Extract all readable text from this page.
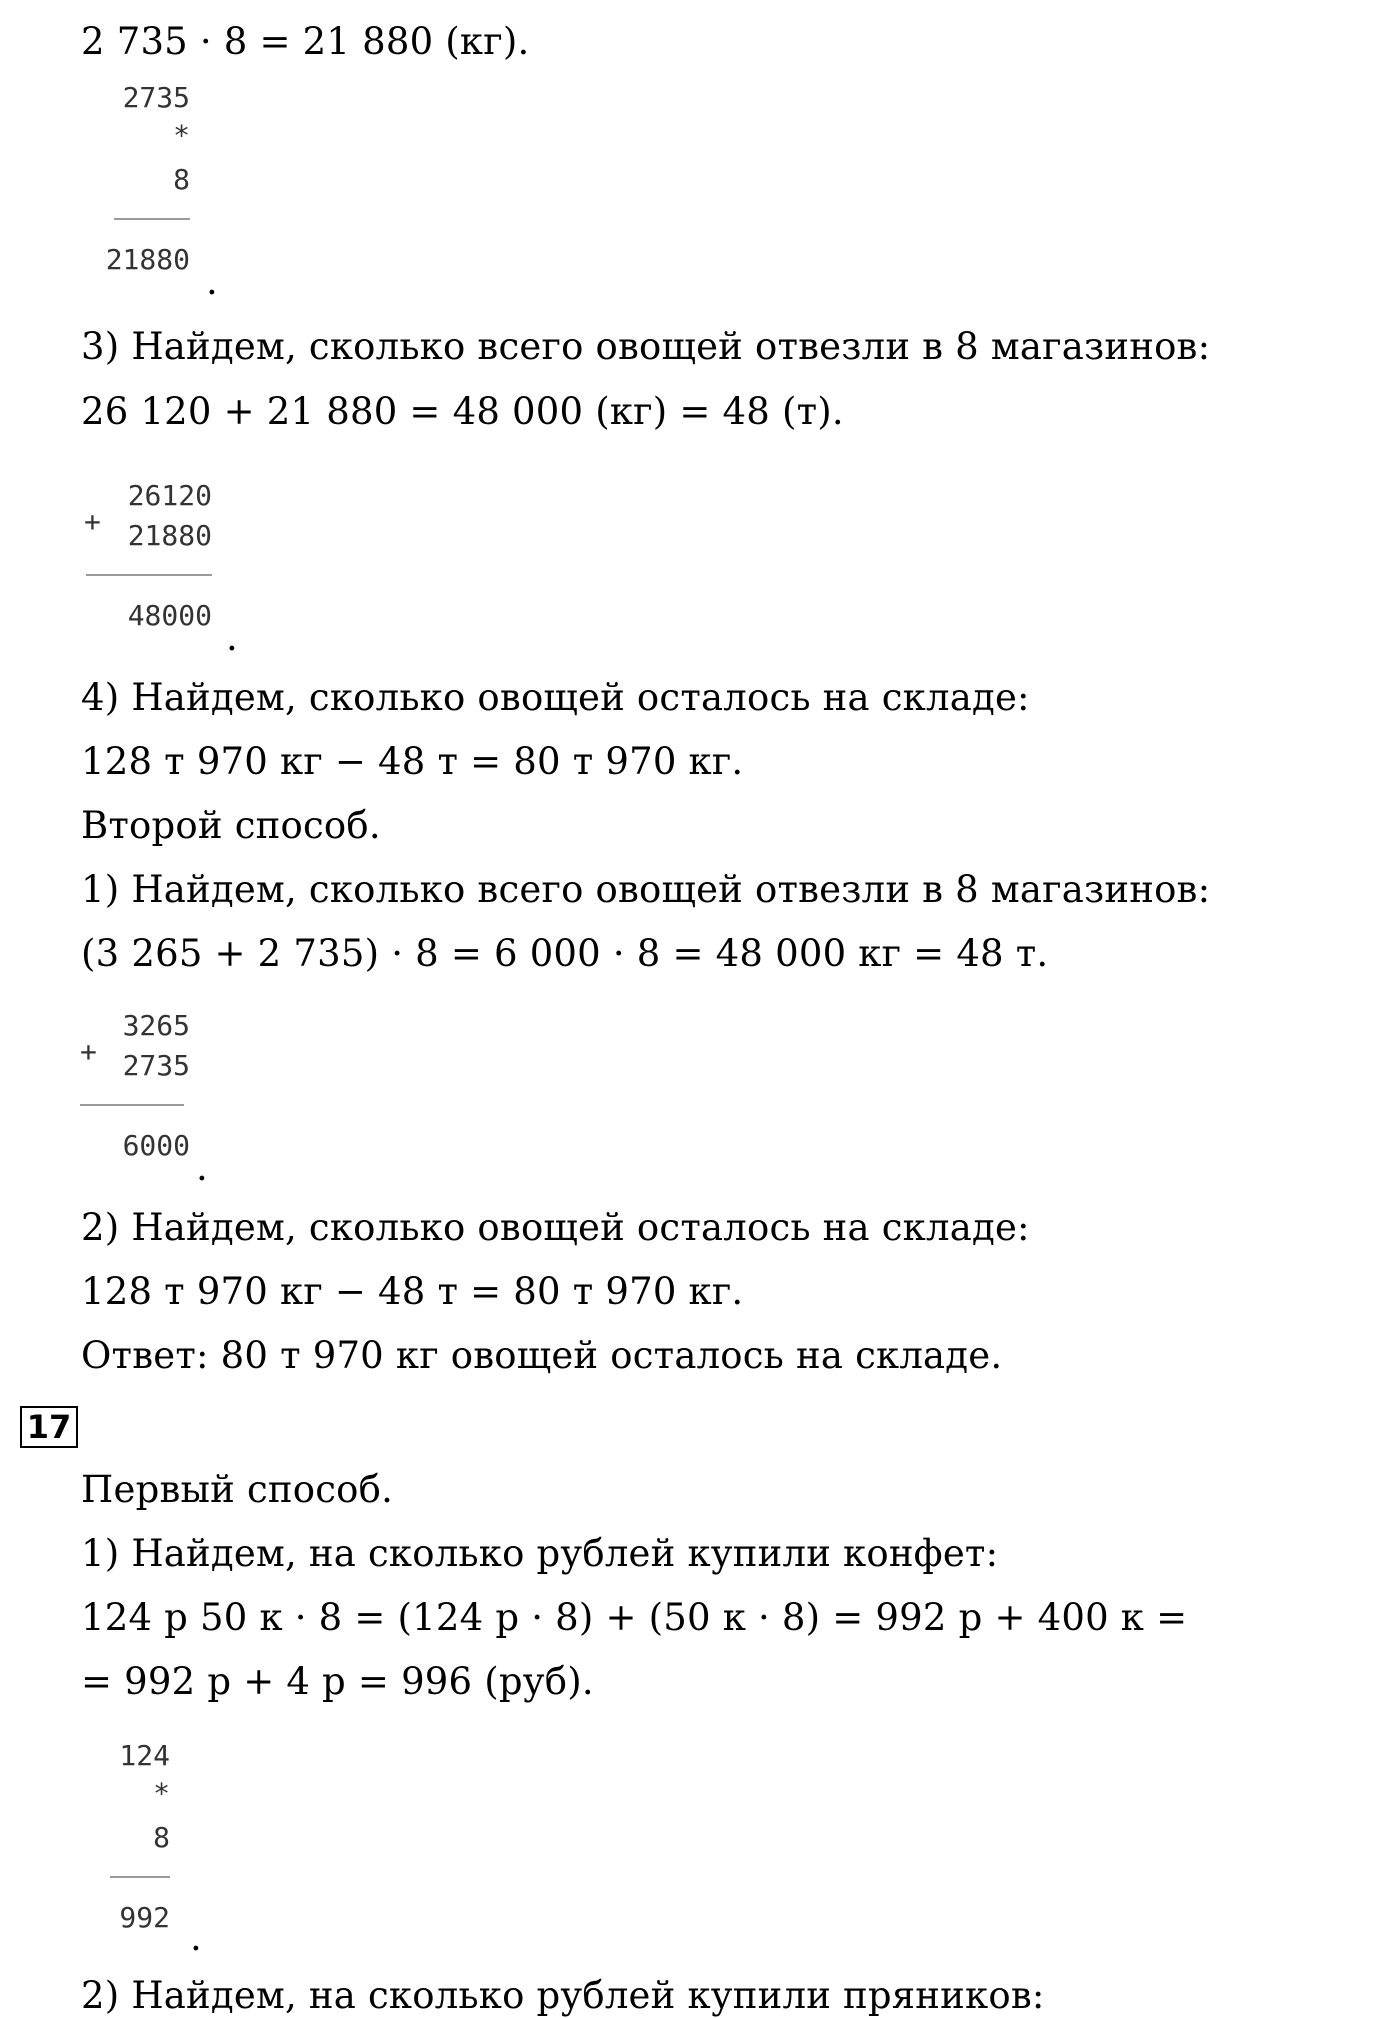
2 735 · 8 = 21 880 (кг).
2735
*
8
21880
.
3) Найдем, сколько всего овощей отвезли в 8 магазинов:
26 120 + 21 880 = 48 000 (кг) = 48 (т).
+
26120
21880
48000
.
4) Найдем, сколько овощей осталось на складе:
128 т 970 кг − 48 т = 80 т 970 кг.
Второй способ.
1) Найдем, сколько всего овощей отвезли в 8 магазинов:
(3 265 + 2 735) · 8 = 6 000 · 8 = 48 000 кг = 48 т.
+
3265
2735
6000
.
2) Найдем, сколько овощей осталось на складе:
128 т 970 кг − 48 т = 80 т 970 кг.
Ответ: 80 т 970 кг овощей осталось на складе.
17
Первый способ.
1) Найдем, на сколько рублей купили конфет:
124 р 50 к · 8 = (124 р · 8) + (50 к · 8) = 992 р + 400 к =
= 992 р + 4 р = 996 (руб).
124
*
8
992 .
2) Найдем, на сколько рублей купили пряников:
